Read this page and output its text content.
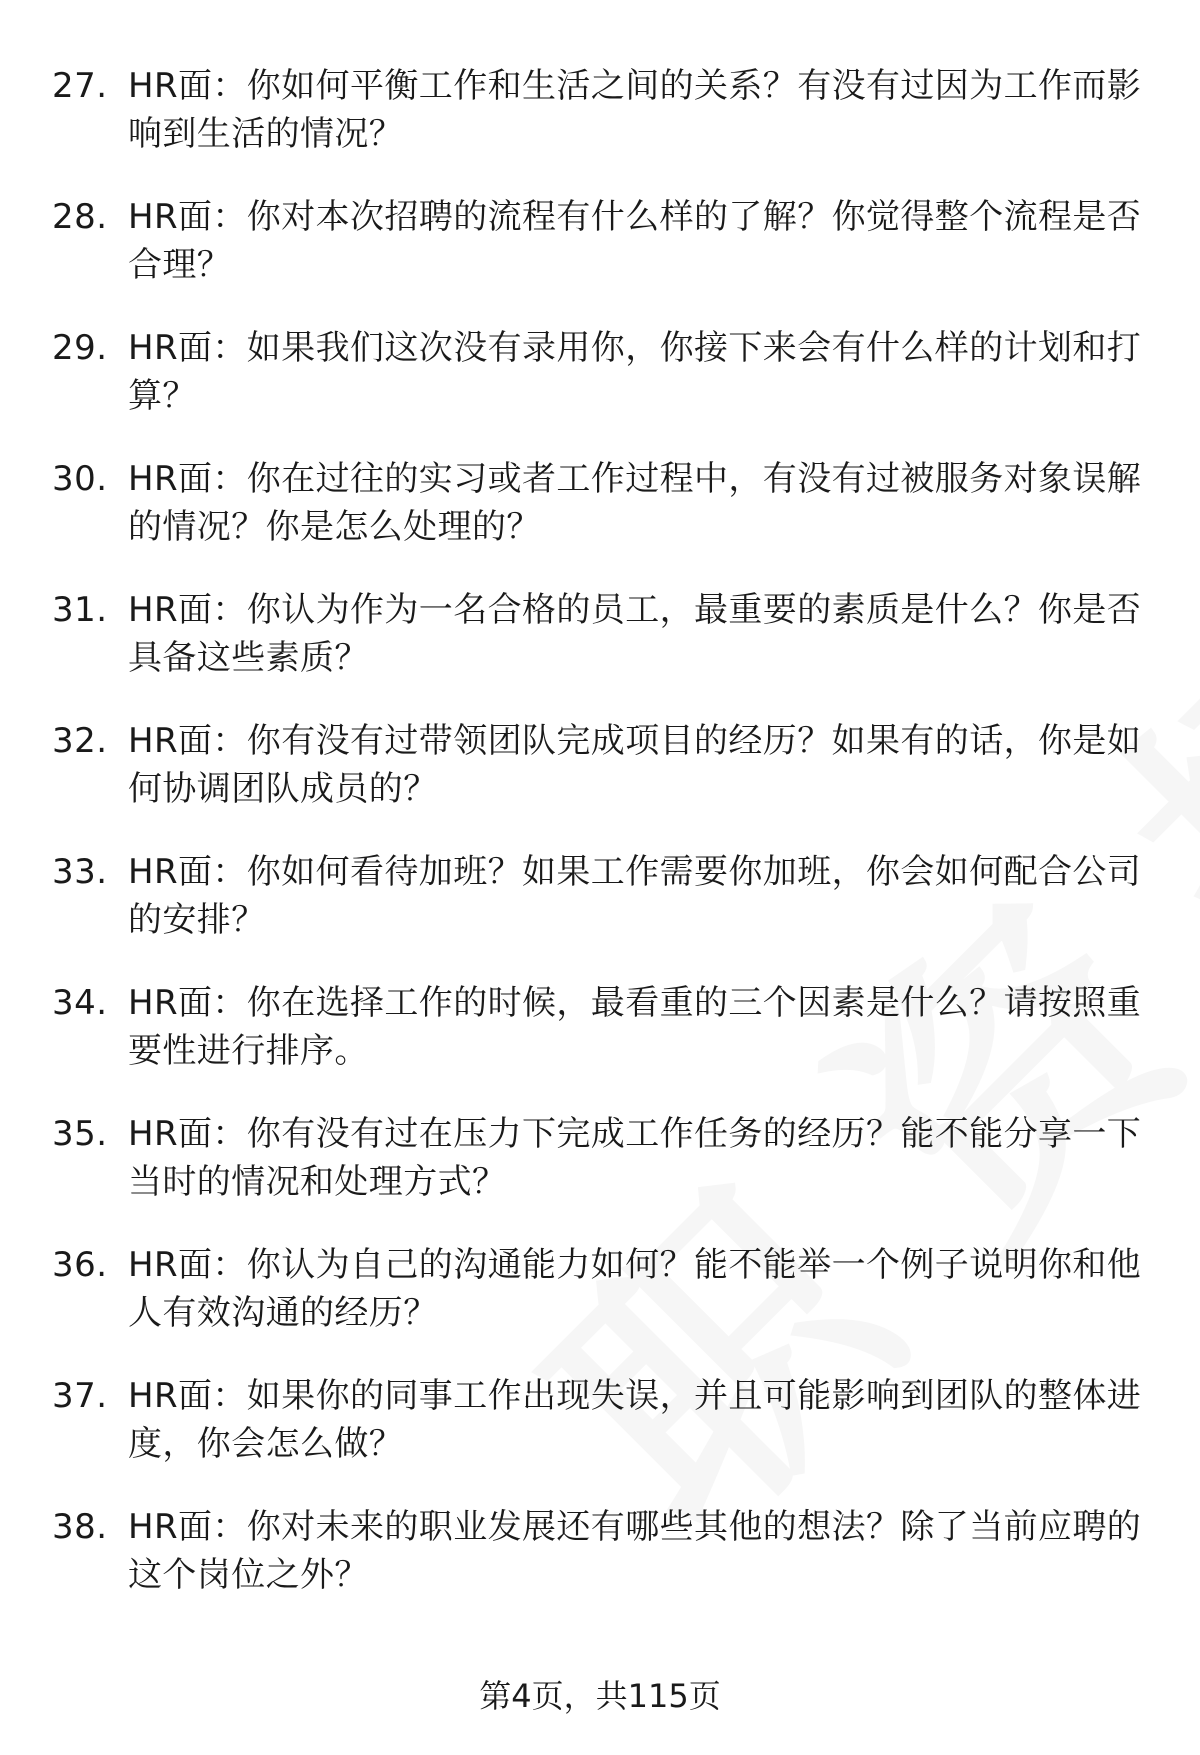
27. HR面：你如何平衡工作和生活之间的关系？有没有过因为工作而影响到生活的情况？
28. HR面：你对本次招聘的流程有什么样的了解？你觉得整个流程是否合理？
29. HR面：如果我们这次没有录用你，你接下来会有什么样的计划和打算？
30. HR面：你在过往的实习或者工作过程中，有没有过被服务对象误解的情况？你是怎么处理的？
31. HR面：你认为作为一名合格的员工，最重要的素质是什么？你是否具备这些素质？
32. HR面：你有没有过带领团队完成项目的经历？如果有的话，你是如何协调团队成员的？
33. HR面：你如何看待加班？如果工作需要你加班，你会如何配合公司的安排？
34. HR面：你在选择工作的时候，最看重的三个因素是什么？请按照重要性进行排序。
35. HR面：你有没有过在压力下完成工作任务的经历？能不能分享一下当时的情况和处理方式？
36. HR面：你认为自己的沟通能力如何？能不能举一个例子说明你和他人有效沟通的经历？
37. HR面：如果你的同事工作出现失误，并且可能影响到团队的整体进度，你会怎么做？
38. HR面：你对未来的职业发展还有哪些其他的想法？除了当前应聘的这个岗位之外？
第4页，共115页
